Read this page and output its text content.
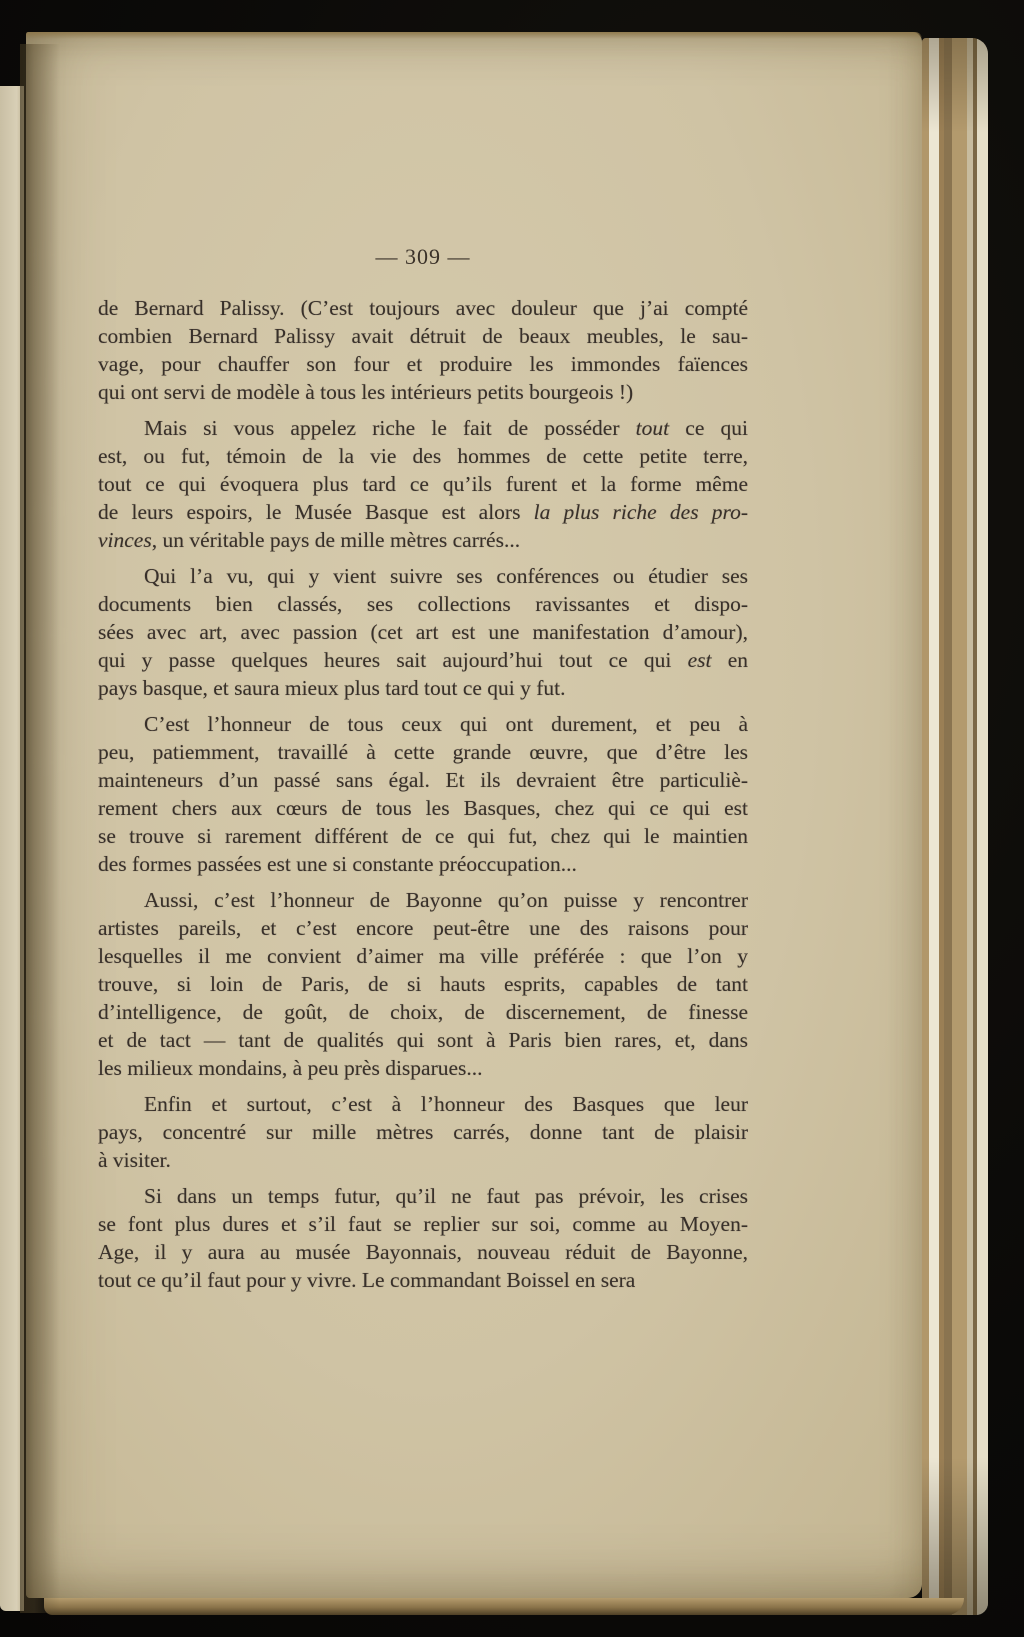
— 309 —
de Bernard Palissy. (C’est toujours avec douleur que j’ai compté
combien Bernard Palissy avait détruit de beaux meubles, le sau-
vage, pour chauffer son four et produire les immondes faïences
qui ont servi de modèle à tous les intérieurs petits bourgeois !)
Mais si vous appelez riche le fait de posséder tout ce qui
est, ou fut, témoin de la vie des hommes de cette petite terre,
tout ce qui évoquera plus tard ce qu’ils furent et la forme même
de leurs espoirs, le Musée Basque est alors la plus riche des pro-
vinces, un véritable pays de mille mètres carrés...
Qui l’a vu, qui y vient suivre ses conférences ou étudier ses
documents bien classés, ses collections ravissantes et dispo-
sées avec art, avec passion (cet art est une manifestation d’amour),
qui y passe quelques heures sait aujourd’hui tout ce qui est en
pays basque, et saura mieux plus tard tout ce qui y fut.
C’est l’honneur de tous ceux qui ont durement, et peu à
peu, patiemment, travaillé à cette grande œuvre, que d’être les
mainteneurs d’un passé sans égal. Et ils devraient être particuliè-
rement chers aux cœurs de tous les Basques, chez qui ce qui est
se trouve si rarement différent de ce qui fut, chez qui le maintien
des formes passées est une si constante préoccupation...
Aussi, c’est l’honneur de Bayonne qu’on puisse y rencontrer
artistes pareils, et c’est encore peut-être une des raisons pour
lesquelles il me convient d’aimer ma ville préférée : que l’on y
trouve, si loin de Paris, de si hauts esprits, capables de tant
d’intelligence, de goût, de choix, de discernement, de finesse
et de tact — tant de qualités qui sont à Paris bien rares, et, dans
les milieux mondains, à peu près disparues...
Enfin et surtout, c’est à l’honneur des Basques que leur
pays, concentré sur mille mètres carrés, donne tant de plaisir
à visiter.
Si dans un temps futur, qu’il ne faut pas prévoir, les crises
se font plus dures et s’il faut se replier sur soi, comme au Moyen-
Age, il y aura au musée Bayonnais, nouveau réduit de Bayonne,
tout ce qu’il faut pour y vivre. Le commandant Boissel en sera
